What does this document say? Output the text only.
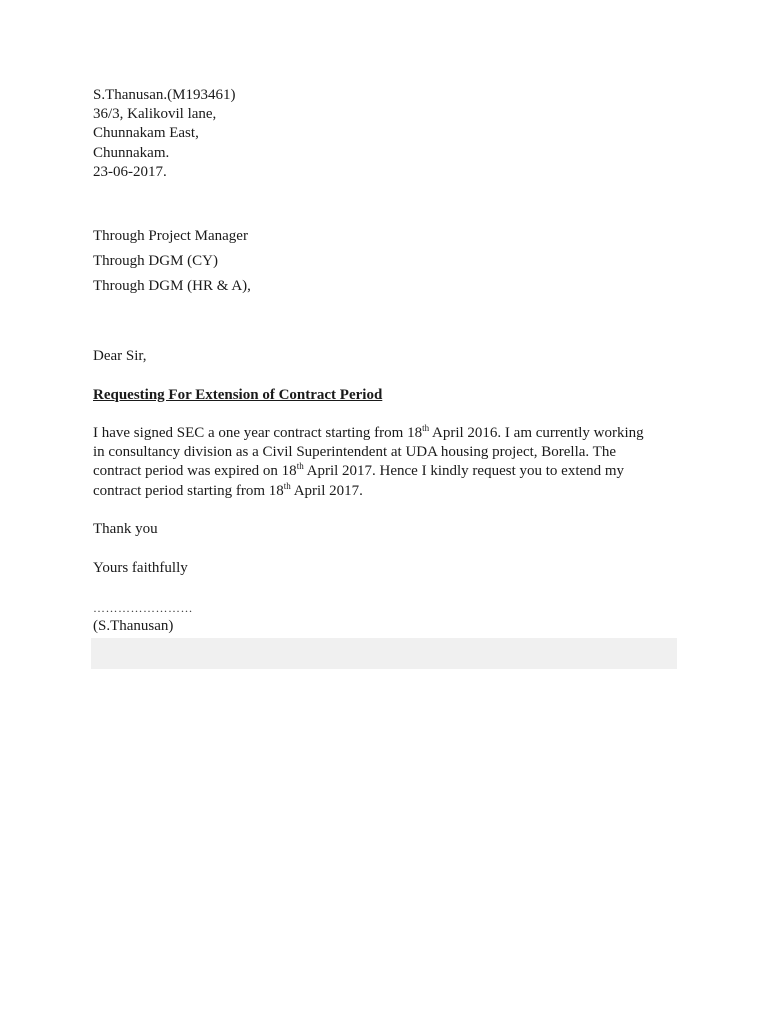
S.Thanusan.(M193461)
36/3, Kalikovil lane,
Chunnakam East,
Chunnakam.
23-06-2017.
Through Project Manager
Through DGM (CY)
Through DGM (HR & A),
Dear Sir,
Requesting For Extension of Contract Period
I have signed SEC a one year contract starting from 18th April 2016. I am currently working
in consultancy division as a Civil Superintendent at UDA housing project, Borella. The
contract period was expired on 18th April 2017. Hence I kindly request you to extend my
contract period starting from 18th April 2017.
Thank you
Yours faithfully
……………………
(S.Thanusan)
